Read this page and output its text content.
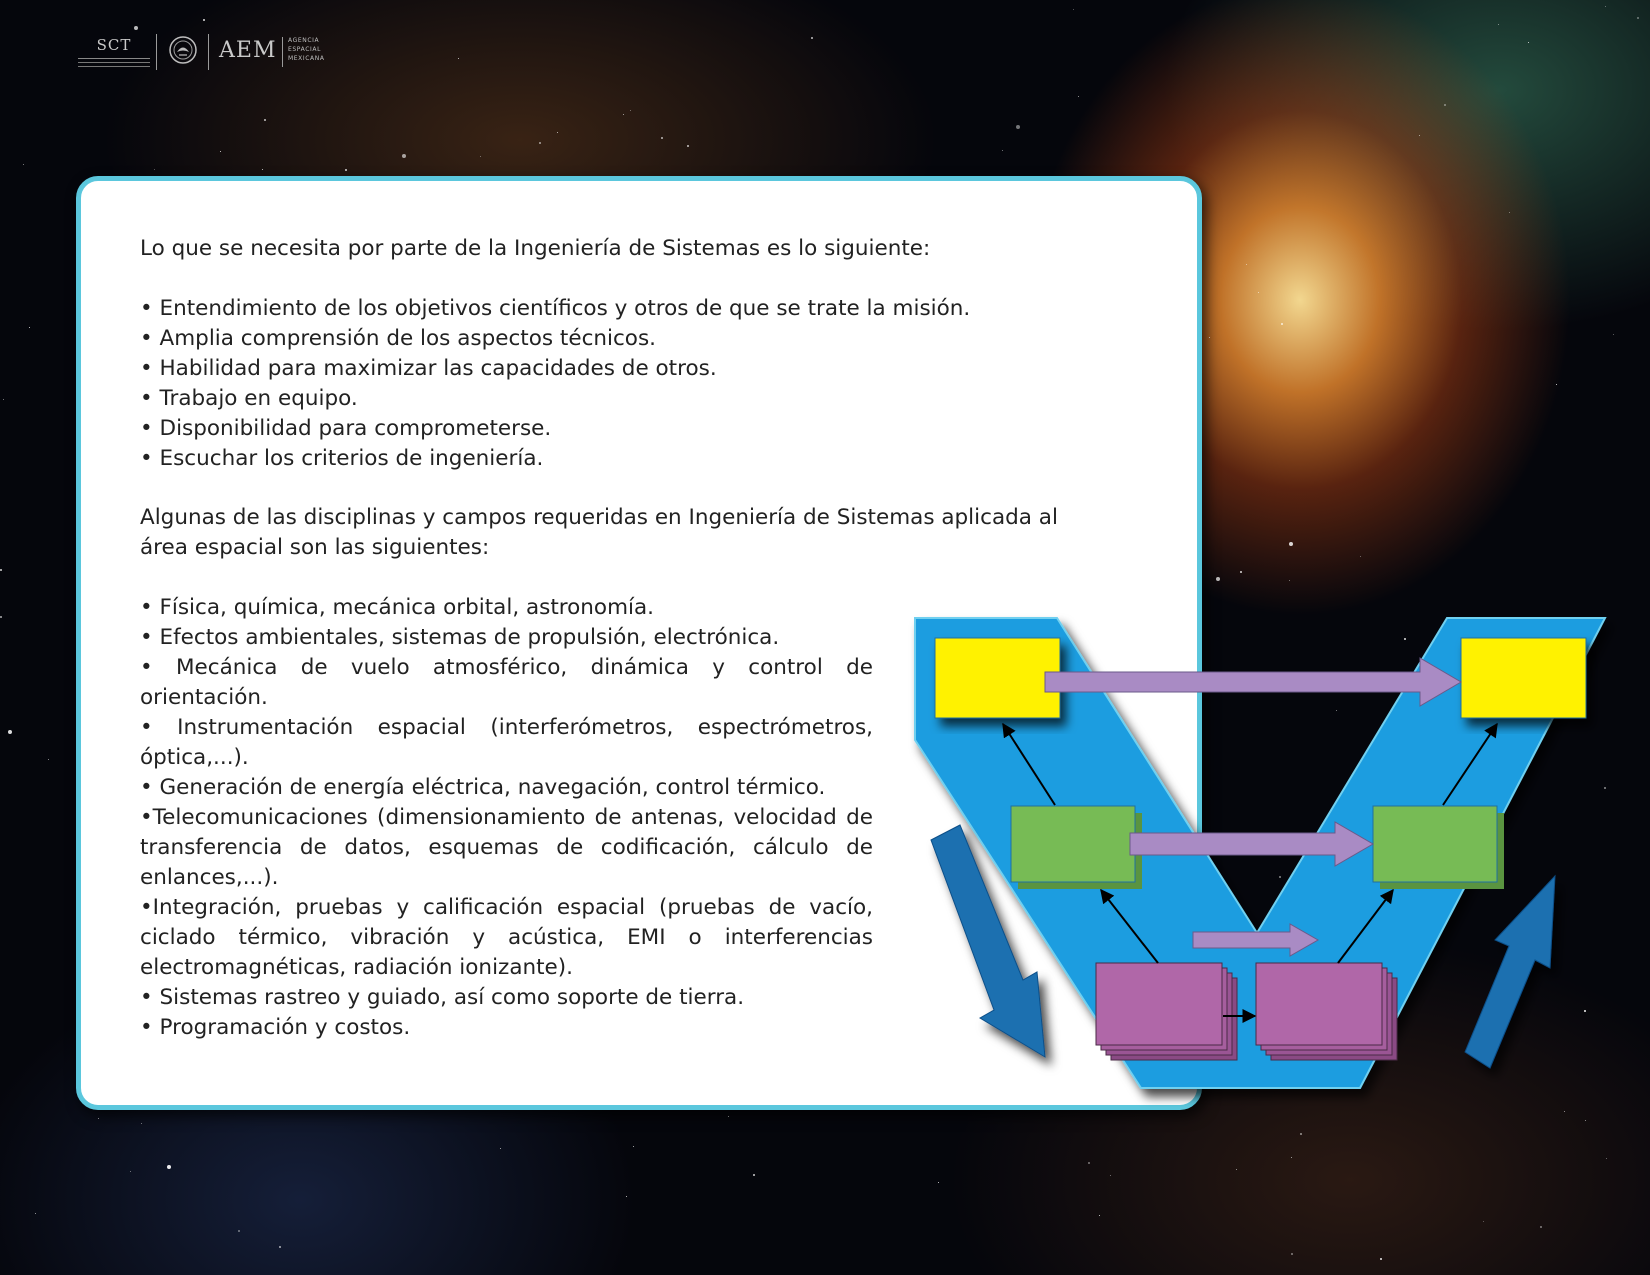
SCT	AEM AGENCIA
ESPACIAL
MEXICANA

Lo que se necesita por parte de la Ingeniería de Sistemas es lo siguiente:

• Entendimiento de los objetivos científicos y otros de que se trate la misión.
• Amplia comprensión de los aspectos técnicos.
• Habilidad para maximizar las capacidades de otros.
• Trabajo en equipo.
• Disponibilidad para comprometerse.
• Escuchar los criterios de ingeniería.
Algunas de las disciplinas y campos requeridas en Ingeniería de Sistemas aplicada al área espacial son las siguientes:
• Física, química, mecánica orbital, astronomía.
• Efectos ambientales, sistemas de propulsión, electrónica.
• Mecánica de vuelo atmosférico, dinámica y control de orientación.
• Instrumentación espacial (interferómetros, espectrómetros, óptica,...).
• Generación de energía eléctrica, navegación, control térmico.
•Telecomunicaciones (dimensionamiento de antenas, velocidad de transferencia de datos, esquemas de codificación, cálculo de enlances,...).
•Integración, pruebas y calificación espacial (pruebas de vacío, ciclado térmico, vibración y acústica, EMI o interferencias electromagnéticas, radiación ionizante).
• Sistemas rastreo y guiado, así como soporte de tierra.
• Programación y costos.
